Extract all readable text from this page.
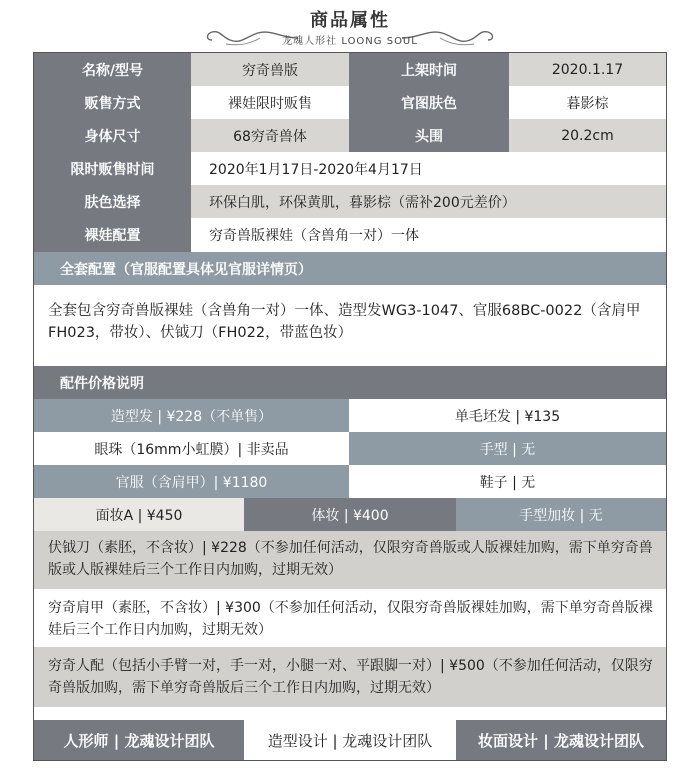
商品属性
龙魂人形社 LOONG SOUL
名称/型号	穷奇兽版	上架时间	2020.1.17
贩售方式	裸娃限时贩售	官图肤色	暮影棕
身体尺寸	68穷奇兽体	头围	20.2cm
限时贩售时间	2020年1月17日-2020年4月17日
肤色选择	环保白肌，环保黄肌，暮影棕（需补200元差价）
裸娃配置	穷奇兽版裸娃（含兽角一对）一体
全套配置（官服配置具体见官服详情页）
全套包含穷奇兽版裸娃（含兽角一对）一体、造型发WG3-1047、官服68BC-0022（含肩甲FH023，带妆）、伏钺刀（FH022，带蓝色妆）
配件价格说明
造型发 | ¥228（不单售）	单毛坯发 | ¥135
眼珠（16mm小虹膜）| 非卖品	手型 | 无
官服（含肩甲）| ¥1180	鞋子 | 无
面妆A | ¥450	体妆 | ¥400	手型加妆 | 无
伏钺刀（素胚，不含妆）| ¥228（不参加任何活动，仅限穷奇兽版或人版裸娃加购，需下单穷奇兽版或人版裸娃后三个工作日内加购，过期无效）
穷奇肩甲（素胚，不含妆）| ¥300（不参加任何活动，仅限穷奇兽版裸娃加购，需下单穷奇兽版裸娃后三个工作日内加购，过期无效）
穷奇人配（包括小手臂一对，手一对，小腿一对、平跟脚一对）| ¥500（不参加任何活动，仅限穷奇兽版加购，需下单穷奇兽版后三个工作日内加购，过期无效）
人形师 | 龙魂设计团队	造型设计 | 龙魂设计团队	妆面设计 | 龙魂设计团队
